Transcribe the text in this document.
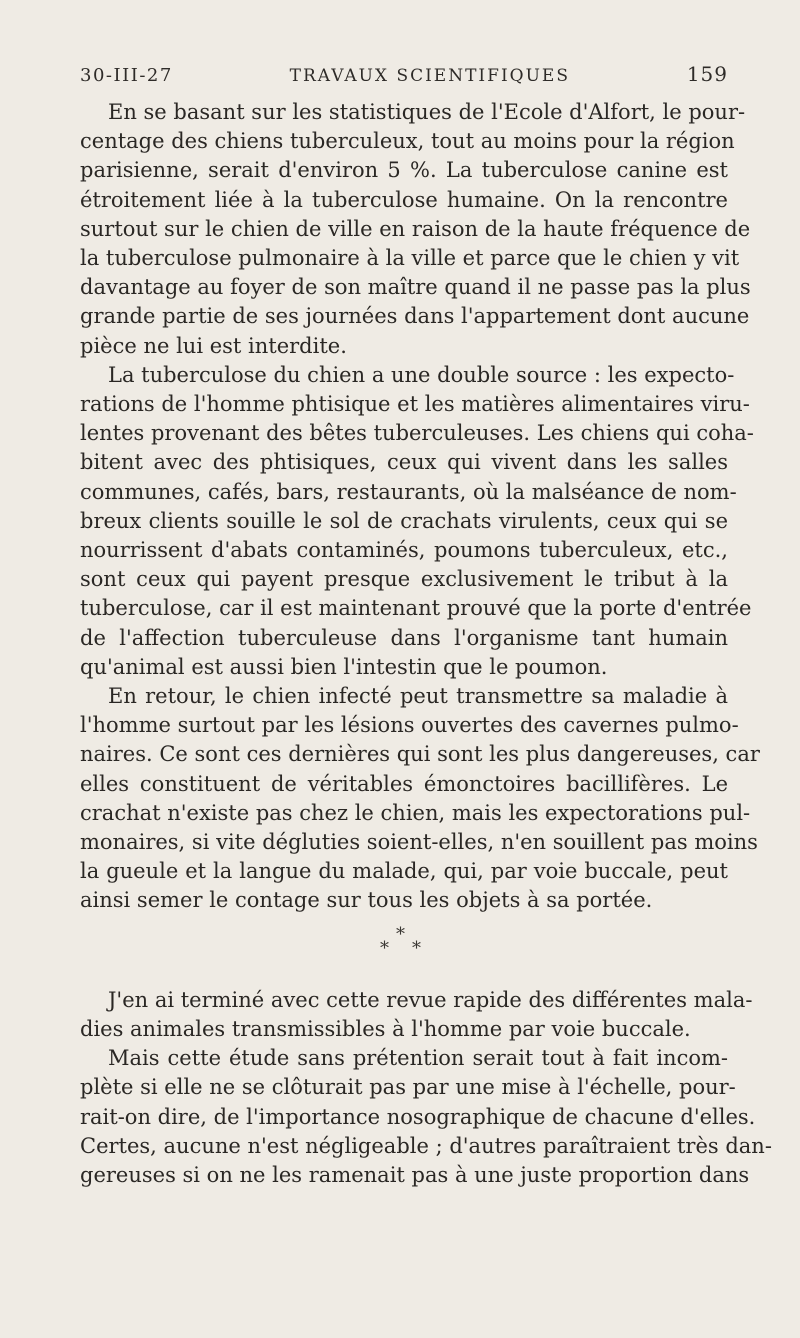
30-III-27	TRAVAUX SCIENTIFIQUES	159

En se basant sur les statistiques de l'Ecole d'Alfort, le pour-
centage des chiens tuberculeux, tout au moins pour la région
parisienne, serait d'environ 5 %. La tuberculose canine est
étroitement liée à la tuberculose humaine. On la rencontre
surtout sur le chien de ville en raison de la haute fréquence de
la tuberculose pulmonaire à la ville et parce que le chien y vit
davantage au foyer de son maître quand il ne passe pas la plus
grande partie de ses journées dans l'appartement dont aucune
pièce ne lui est interdite.

La tuberculose du chien a une double source : les expecto-
rations de l'homme phtisique et les matières alimentaires viru-
lentes provenant des bêtes tuberculeuses. Les chiens qui coha-
bitent avec des phtisiques, ceux qui vivent dans les salles
communes, cafés, bars, restaurants, où la malséance de nom-
breux clients souille le sol de crachats virulents, ceux qui se
nourrissent d'abats contaminés, poumons tuberculeux, etc.,
sont ceux qui payent presque exclusivement le tribut à la
tuberculose, car il est maintenant prouvé que la porte d'entrée
de l'affection tuberculeuse dans l'organisme tant humain
qu'animal est aussi bien l'intestin que le poumon.

En retour, le chien infecté peut transmettre sa maladie à
l'homme surtout par les lésions ouvertes des cavernes pulmo-
naires. Ce sont ces dernières qui sont les plus dangereuses, car
elles constituent de véritables émonctoires bacillifères. Le
crachat n'existe pas chez le chien, mais les expectorations pul-
monaires, si vite dégluties soient-elles, n'en souillent pas moins
la gueule et la langue du malade, qui, par voie buccale, peut
ainsi semer le contage sur tous les objets à sa portée.

*
* *

J'en ai terminé avec cette revue rapide des différentes mala-
dies animales transmissibles à l'homme par voie buccale.

Mais cette étude sans prétention serait tout à fait incom-
plète si elle ne se clôturait pas par une mise à l'échelle, pour-
rait-on dire, de l'importance nosographique de chacune d'elles.
Certes, aucune n'est négligeable ; d'autres paraîtraient très dan-
gereuses si on ne les ramenait pas à une juste proportion dans
